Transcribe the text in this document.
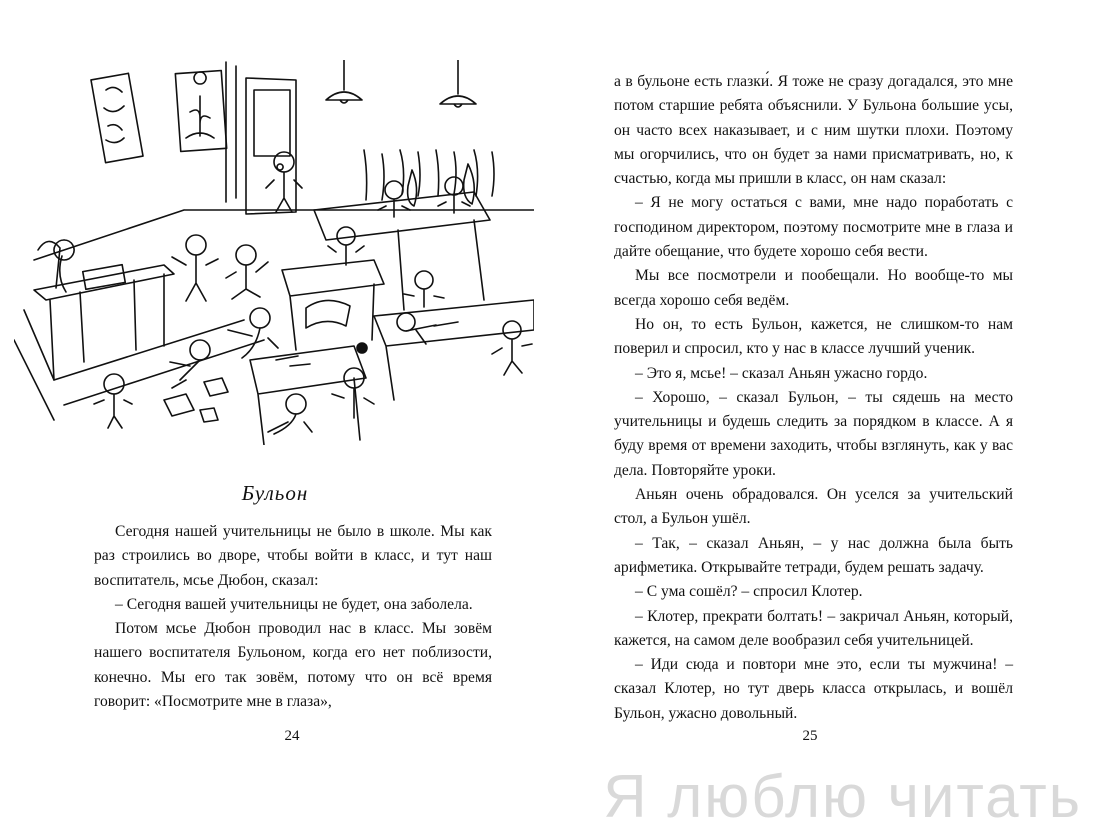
Бульон

Сегодня нашей учительницы не было в школе. Мы как раз строились во дворе, чтобы войти в класс, и тут наш воспитатель, мсье Дюбон, сказал:

– Сегодня вашей учительницы не будет, она заболела.

Потом мсье Дюбон проводил нас в класс. Мы зовём нашего воспитателя Бульоном, когда его нет поблизости, конечно. Мы его так зовём, потому что он всё время говорит: «Посмотрите мне в глаза»,

24

а в бульоне есть глазки́. Я тоже не сразу догадался, это мне потом старшие ребята объяснили. У Бульона большие усы, он часто всех наказывает, и с ним шутки плохи. Поэтому мы огорчились, что он будет за нами присматривать, но, к счастью, когда мы пришли в класс, он нам сказал:

– Я не могу остаться с вами, мне надо поработать с господином директором, поэтому посмотрите мне в глаза и дайте обещание, что будете хорошо себя вести.

Мы все посмотрели и пообещали. Но вообще-то мы всегда хорошо себя ведём.

Но он, то есть Бульон, кажется, не слишком-то нам поверил и спросил, кто у нас в классе лучший ученик.

– Это я, мсье! – сказал Аньян ужасно гордо.

– Хорошо, – сказал Бульон, – ты сядешь на место учительницы и будешь следить за порядком в классе. А я буду время от времени заходить, чтобы взглянуть, как у вас дела. Повторяйте уроки.

Аньян очень обрадовался. Он уселся за учительский стол, а Бульон ушёл.

– Так, – сказал Аньян, – у нас должна была быть арифметика. Открывайте тетради, будем решать задачу.

– С ума сошёл? – спросил Клотер.

– Клотер, прекрати болтать! – закричал Аньян, который, кажется, на самом деле вообразил себя учительницей.

– Иди сюда и повтори мне это, если ты мужчина! – сказал Клотер, но тут дверь класса открылась, и вошёл Бульон, ужасно довольный.

25
Я люблю читать
